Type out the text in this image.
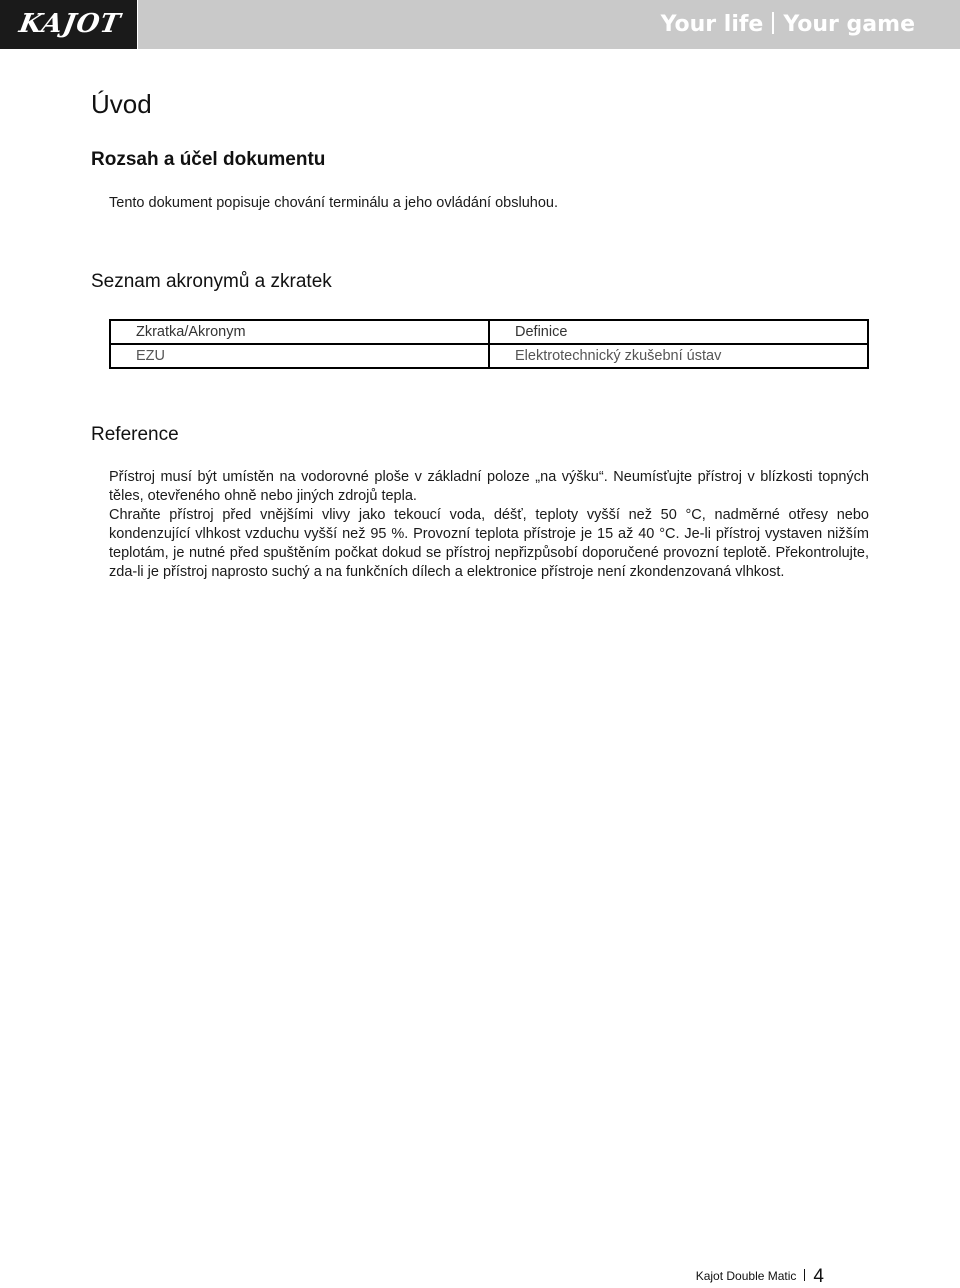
KAJOT	Your life Your game
Úvod
Rozsah a účel dokumentu

Tento dokument popisuje chování terminálu a jeho ovládání obsluhou.

Seznam akronymů a zkratek
Zkratka/Akronym	Definice
EZU	Elektrotechnický zkušební ústav
Reference

Přístroj musí být umístěn na vodorovné ploše v základní poloze „na výšku“. Neumísťujte přístroj v blízkosti topných těles, otevřeného ohně nebo jiných zdrojů tepla.

Chraňte přístroj před vnějšími vlivy jako tekoucí voda, déšť, teploty vyšší než 50 °C, nadměrné otřesy nebo kondenzující vlhkost vzduchu vyšší než 95 %. Provozní teplota přístroje je 15 až 40 °C. Je-li přístroj vystaven nižším teplotám, je nutné před spuštěním počkat dokud se přístroj nepřizpůsobí doporučené provozní teplotě. Překontrolujte, zda-li je přístroj naprosto suchý a na funkčních dílech a elektronice přístroje není zkondenzovaná vlhkost.

Kajot Double Matic 4
